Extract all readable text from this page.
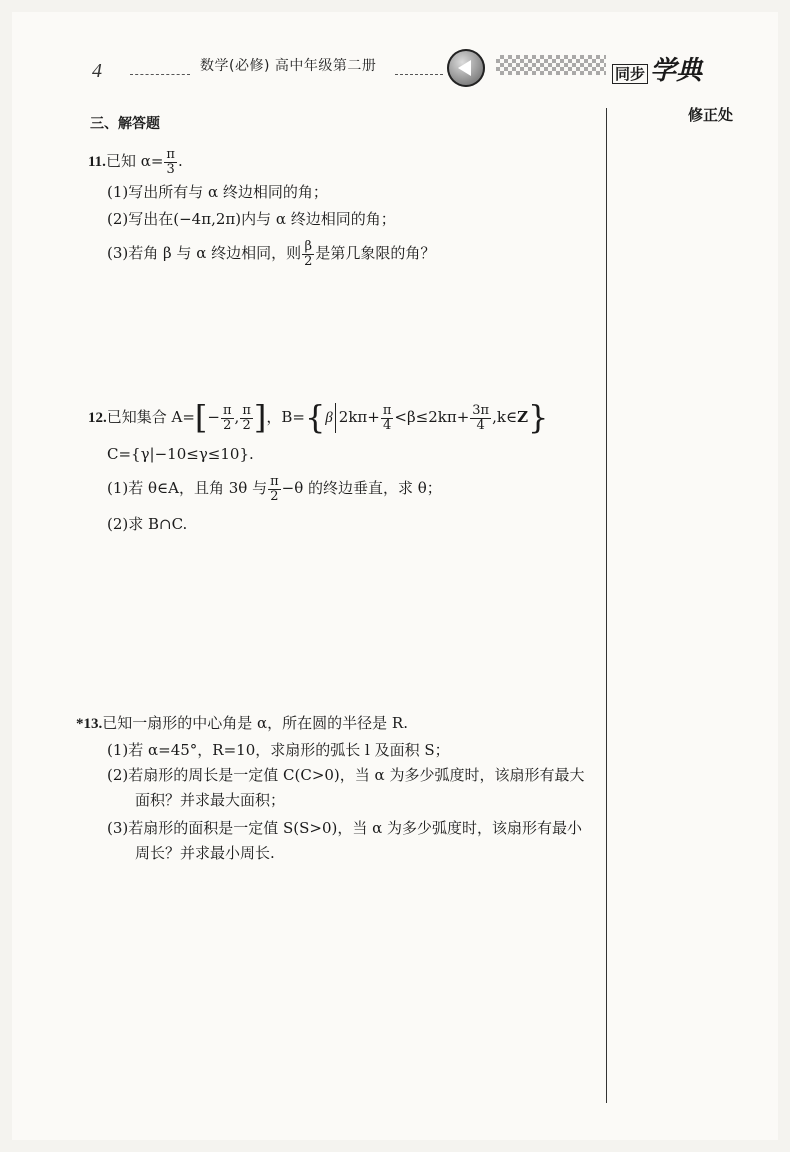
4	数学(必修) 高中年级第二册	同步 学典
修正处
三、解答题
11.已知 $\alpha= \frac{\pi}{3}$ .
(1)写出所有与 α 终边相同的角；
(2)写出在(−4π,2π)内与 α 终边相同的角；
(3)若角 β 与 α 终边相同，则 $\frac{\beta}{2}$ 是第几象限的角？
12.已知集合 $A=[- \frac{\pi}{2}$ , $\frac{\pi}{2}$ ]，B={β $2k\pi+ \frac{\pi}{4} <\beta\le 2k\pi+ \frac{3\pi}{4}$ ,k∈Z}
C={γ|−10≤γ≤10}.
(1)若 θ∈A，且角 3θ 与 $\frac{\pi}{2} -\theta$ 的终边垂直，求 θ；
(2)求 B∩C.
*13.已知一扇形的中心角是 α，所在圆的半径是 R.
(1)若 α=45°，R=10，求扇形的弧长 l 及面积 S；
(2)若扇形的周长是一定值 C(C>0)，当 α 为多少弧度时，该扇形有最大
面积？并求最大面积；
(3)若扇形的面积是一定值 S(S>0)，当 α 为多少弧度时，该扇形有最小
周长？并求最小周长.
